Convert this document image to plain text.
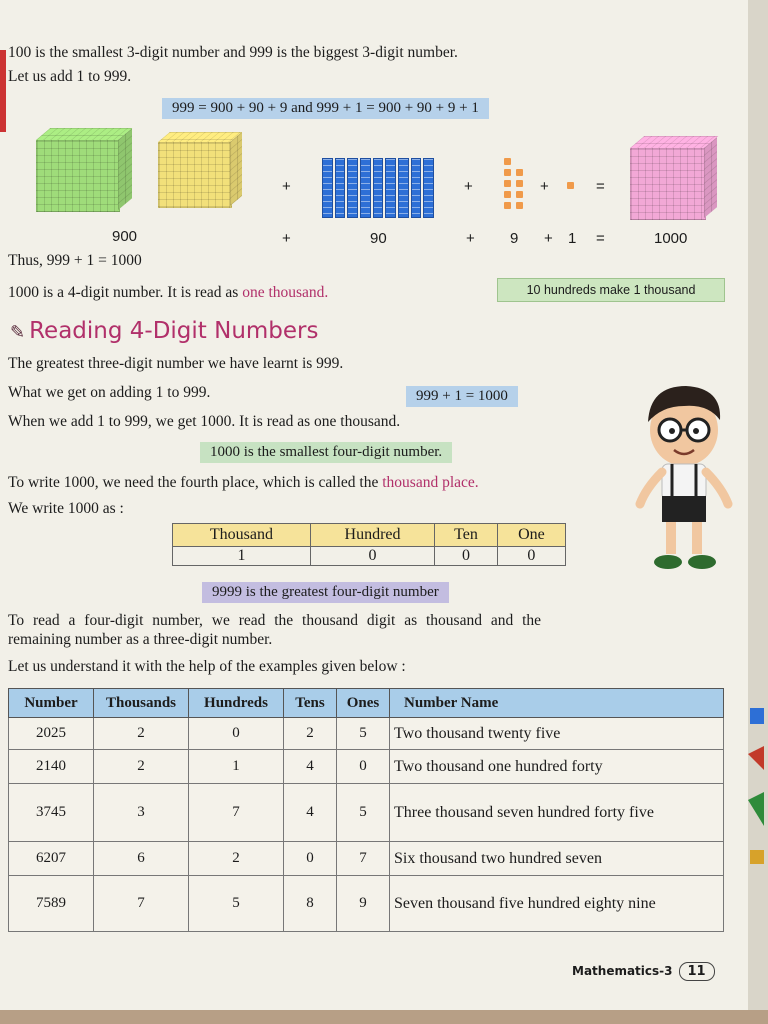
100 is the smallest 3-digit number and 999 is the biggest 3-digit number.
Let us add 1 to 999.
999 = 900 + 90 + 9 and 999 + 1 = 900 + 90 + 9 + 1
+	+	+	=
900	+	90	+ 9 + 1 =	1000
Thus, 999 + 1 = 1000
1000 is a 4-digit number. It is read as one thousand.	10 hundreds make 1 thousand
✎ Reading 4-Digit Numbers
The greatest three-digit number we have learnt is 999.
What we get on adding 1 to 999.	999 + 1 = 1000
When we add 1 to 999, we get 1000. It is read as one thousand.
1000 is the smallest four-digit number.
To write 1000, we need the fourth place, which is called the thousand place.
We write 1000 as :
Thousand	Hundred	Ten	One
1	0	0	0
9999 is the greatest four-digit number
To read a four-digit number, we read the thousand digit as thousand and the
remaining number as a three-digit number.
Let us understand it with the help of the examples given below :
Number	Thousands	Hundreds	Tens	Ones	Number Name
2025	2	0	2	5	Two thousand twenty five
2140	2	1	4	0	Two thousand one hundred forty
3745	3	7	4	5	Three thousand seven hundred forty five
6207	6	2	0	7	Six thousand two hundred seven
7589	7	5	8	9	Seven thousand five hundred eighty nine
Mathematics-3 11
